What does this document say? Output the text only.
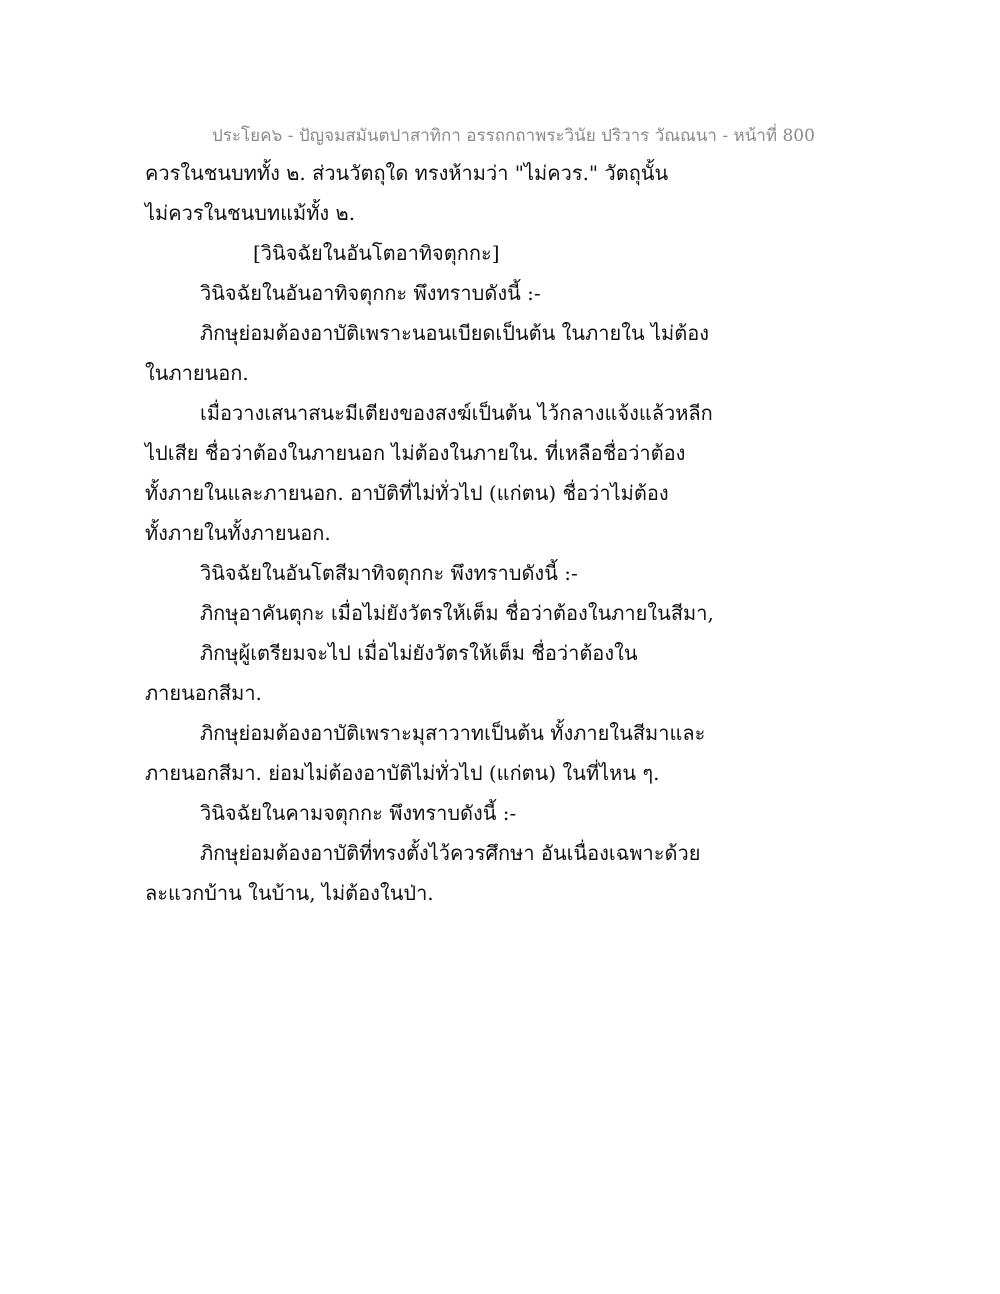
ประโยค๖ - ปัญจมสมันตปาสาทิกา อรรถกถาพระวินัย ปริวาร วัณณนา - หน้าที่ 800
ควรในชนบททั้ง ๒. ส่วนวัตถุใด ทรงห้ามว่า "ไม่ควร." วัตถุนั้น
ไม่ควรในชนบทแม้ทั้ง ๒.
[วินิจฉัยในอันโตอาทิจตุกกะ]
วินิจฉัยในอันอาทิจตุกกะ พึงทราบดังนี้ :-
ภิกษุย่อมต้องอาบัติเพราะนอนเบียดเป็นต้น ในภายใน ไม่ต้อง
ในภายนอก.
เมื่อวางเสนาสนะมีเตียงของสงฆ์เป็นต้น ไว้กลางแจ้งแล้วหลีก
ไปเสีย ชื่อว่าต้องในภายนอก ไม่ต้องในภายใน. ที่เหลือชื่อว่าต้อง
ทั้งภายในและภายนอก. อาบัติที่ไม่ทั่วไป (แก่ตน) ชื่อว่าไม่ต้อง
ทั้งภายในทั้งภายนอก.
วินิจฉัยในอันโตสีมาทิจตุกกะ พึงทราบดังนี้ :-
ภิกษุอาคันตุกะ เมื่อไม่ยังวัตรให้เต็ม ชื่อว่าต้องในภายในสีมา,
ภิกษุผู้เตรียมจะไป เมื่อไม่ยังวัตรให้เต็ม ชื่อว่าต้องใน
ภายนอกสีมา.
ภิกษุย่อมต้องอาบัติเพราะมุสาวาทเป็นต้น ทั้งภายในสีมาและ
ภายนอกสีมา. ย่อมไม่ต้องอาบัติไม่ทั่วไป (แก่ตน) ในที่ไหน ๆ.
วินิจฉัยในคามจตุกกะ พึงทราบดังนี้ :-
ภิกษุย่อมต้องอาบัติที่ทรงตั้งไว้ควรศึกษา อันเนื่องเฉพาะด้วย
ละแวกบ้าน ในบ้าน, ไม่ต้องในป่า.
